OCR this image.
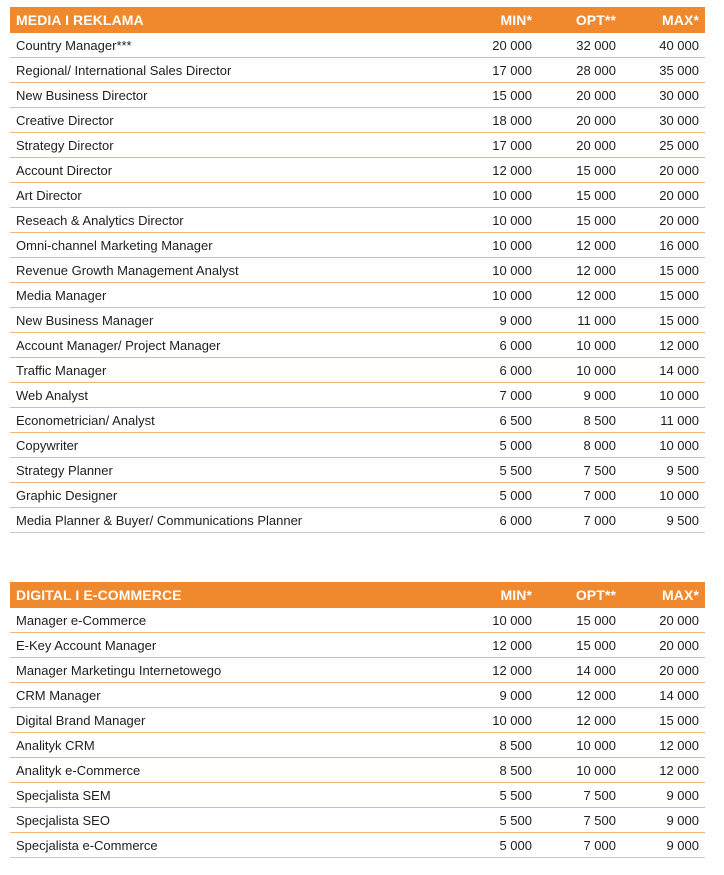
MEDIA I REKLAMA	MIN*	OPT**	MAX*
Country Manager***	20 000	32 000	40 000
Regional/ International Sales Director	17 000	28 000	35 000
New Business Director	15 000	20 000	30 000
Creative Director	18 000	20 000	30 000
Strategy Director	17 000	20 000	25 000
Account Director	12 000	15 000	20 000
Art Director	10 000	15 000	20 000
Reseach & Analytics Director	10 000	15 000	20 000
Omni-channel Marketing Manager	10 000	12 000	16 000
Revenue Growth Management Analyst	10 000	12 000	15 000
Media Manager	10 000	12 000	15 000
New Business Manager	9 000	11 000	15 000
Account Manager/ Project Manager	6 000	10 000	12 000
Traffic Manager	6 000	10 000	14 000
Web Analyst	7 000	9 000	10 000
Econometrician/ Analyst	6 500	8 500	11 000
Copywriter	5 000	8 000	10 000
Strategy Planner	5 500	7 500	9 500
Graphic Designer	5 000	7 000	10 000
Media Planner & Buyer/ Communications Planner	6 000	7 000	9 500
DIGITAL I E-COMMERCE	MIN*	OPT**	MAX*
Manager e-Commerce	10 000	15 000	20 000
E-Key Account Manager	12 000	15 000	20 000
Manager Marketingu Internetowego	12 000	14 000	20 000
CRM Manager	9 000	12 000	14 000
Digital Brand Manager	10 000	12 000	15 000
Analityk CRM	8 500	10 000	12 000
Analityk e-Commerce	8 500	10 000	12 000
Specjalista SEM	5 500	7 500	9 000
Specjalista SEO	5 500	7 500	9 000
Specjalista e-Commerce	5 000	7 000	9 000
